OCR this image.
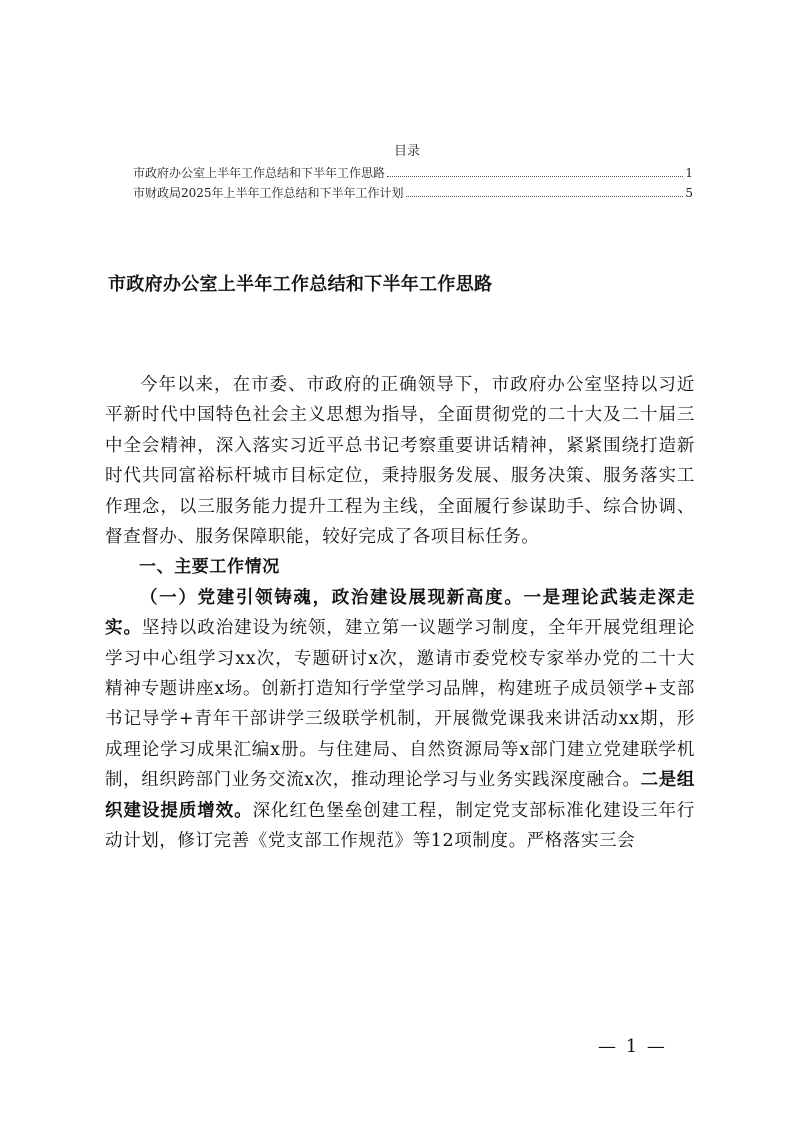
目录
市政府办公室上半年工作总结和下半年工作思路	1
市财政局2025年上半年工作总结和下半年工作计划	5
市政府办公室上半年工作总结和下半年工作思路

今年以来，在市委、市政府的正确领导下，市政府办公室坚持以习近平新时代中国特色社会主义思想为指导，全面贯彻党的二十大及二十届三中全会精神，深入落实习近平总书记考察重要讲话精神，紧紧围绕打造新时代共同富裕标杆城市目标定位，秉持服务发展、服务决策、服务落实工作理念，以三服务能力提升工程为主线，全面履行参谋助手、综合协调、督查督办、服务保障职能，较好完成了各项目标任务。

一、主要工作情况

（一）党建引领铸魂，政治建设展现新高度。一是理论武装走深走实。坚持以政治建设为统领，建立第一议题学习制度，全年开展党组理论学习中心组学习xx次，专题研讨x次，邀请市委党校专家举办党的二十大精神专题讲座x场。创新打造知行学堂学习品牌，构建班子成员领学+支部书记导学+青年干部讲学三级联学机制，开展微党课我来讲活动xx期，形成理论学习成果汇编x册。与住建局、自然资源局等x部门建立党建联学机制，组织跨部门业务交流x次，推动理论学习与业务实践深度融合。二是组织建设提质增效。深化红色堡垒创建工程，制定党支部标准化建设三年行动计划，修订完善《党支部工作规范》等12项制度。严格落实三会

— 1 —
